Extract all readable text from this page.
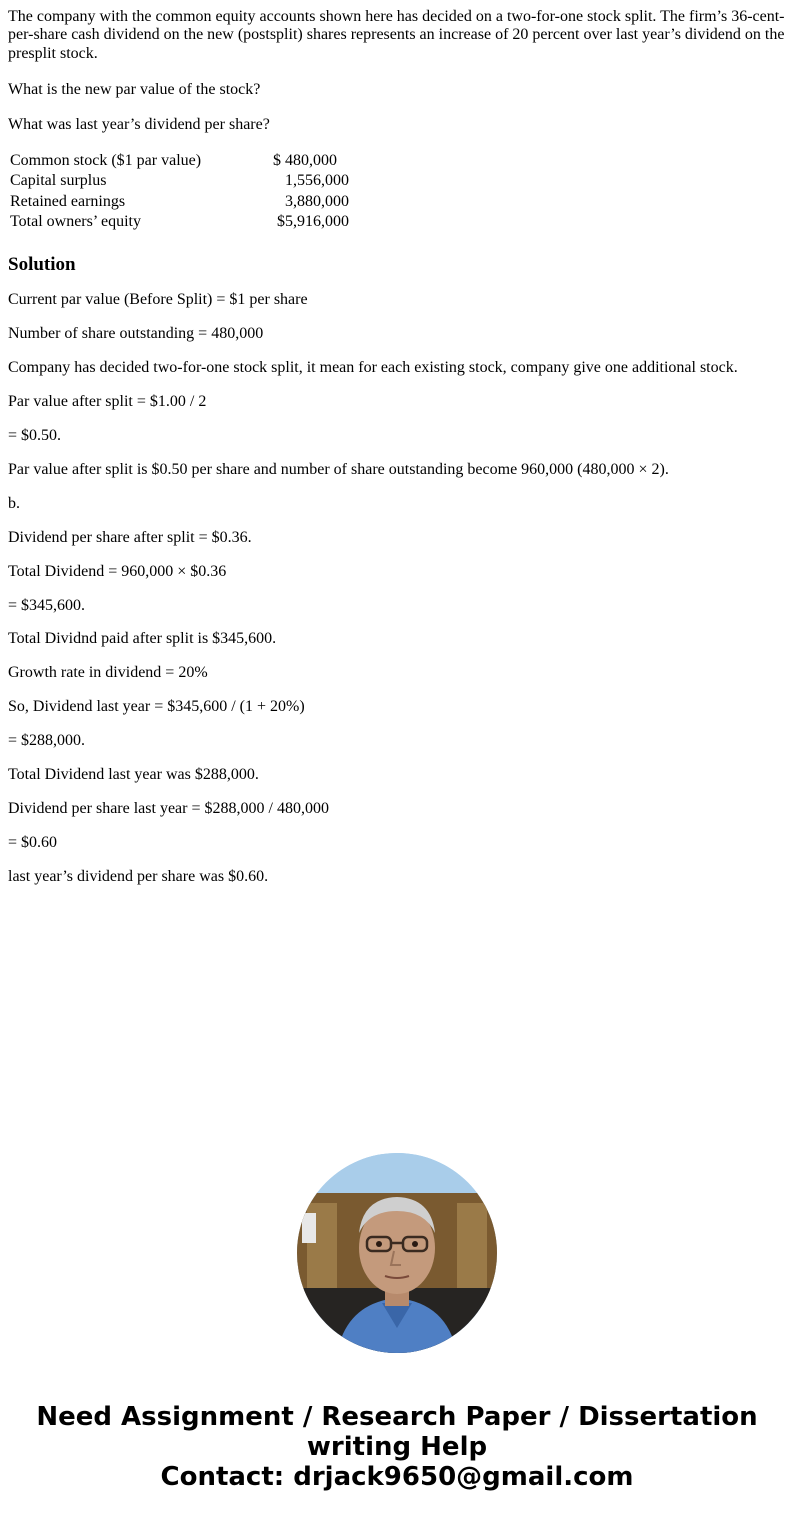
The company with the common equity accounts shown here has decided on a two-for-one stock split. The firm’s 36-cent-per-share cash dividend on the new (postsplit) shares represents an increase of 20 percent over last year’s dividend on the presplit stock.

What is the new par value of the stock?

What was last year’s dividend per share?

Common stock ($1 par value)	$	480,000
Capital surplus		1,556,000
Retained earnings		3,880,000
Total owners’ equity	$	5,916,000
Solution

Current par value (Before Split) = $1 per share

Number of share outstanding = 480,000

Company has decided two-for-one stock split, it mean for each existing stock, company give one additional stock.

Par value after split = $1.00 / 2

= $0.50.

Par value after split is $0.50 per share and number of share outstanding become 960,000 (480,000 × 2).

b.

Dividend per share after split = $0.36.

Total Dividend = 960,000 × $0.36

= $345,600.

Total Dividnd paid after split is $345,600.

Growth rate in dividend = 20%

So, Dividend last year = $345,600 / (1 + 20%)

= $288,000.

Total Dividend last year was $288,000.

Dividend per share last year = $288,000 / 480,000

= $0.60

last year’s dividend per share was $0.60.

Need Assignment / Research Paper / Dissertation writing Help
Contact: drjack9650@gmail.com
